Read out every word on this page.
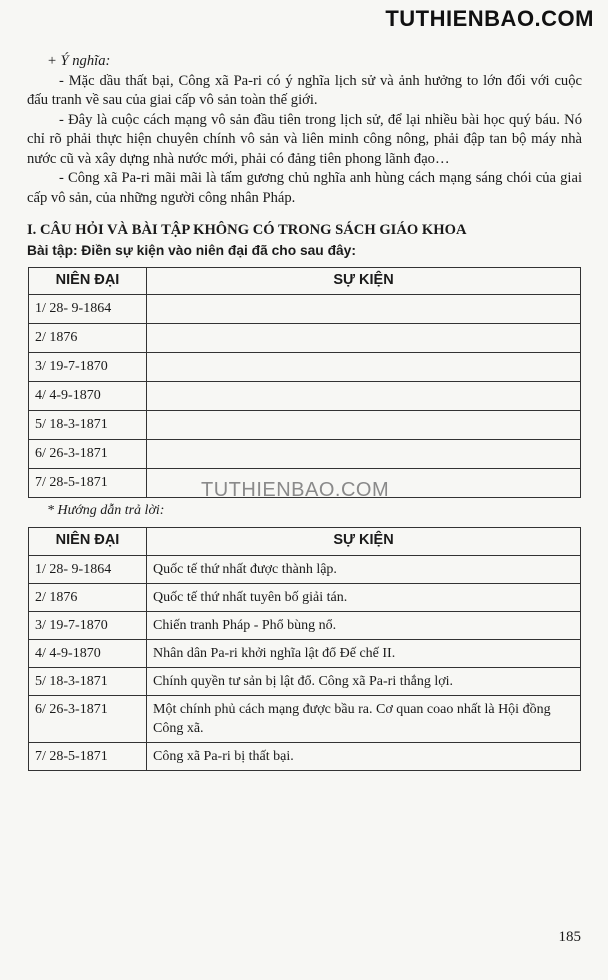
TUTHIENBAO.COM

+ Ý nghĩa:

- Mặc dầu thất bại, Công xã Pa-ri có ý nghĩa lịch sử và ảnh hưởng to lớn đối với cuộc đấu tranh về sau của giai cấp vô sản toàn thế giới.

- Đây là cuộc cách mạng vô sản đầu tiên trong lịch sử, để lại nhiều bài học quý báu. Nó chỉ rõ phải thực hiện chuyên chính vô sản và liên minh công nông, phải đập tan bộ máy nhà nước cũ và xây dựng nhà nước mới, phải có đảng tiên phong lãnh đạo…

- Công xã Pa-ri mãi mãi là tấm gương chủ nghĩa anh hùng cách mạng sáng chói của giai cấp vô sản, của những người công nhân Pháp.

I. CÂU HỎI VÀ BÀI TẬP KHÔNG CÓ TRONG SÁCH GIÁO KHOA

Bài tập: Điền sự kiện vào niên đại đã cho sau đây:

NIÊN ĐẠI	SỰ KIỆN
1/ 28- 9-1864	
2/ 1876	
3/ 19-7-1870	
4/ 4-9-1870	
5/ 18-3-1871	
6/ 26-3-1871	
7/ 28-5-1871	

* Hướng dẫn trả lời:

NIÊN ĐẠI	SỰ KIỆN
1/ 28- 9-1864	Quốc tế thứ nhất được thành lập.
2/ 1876	Quốc tế thứ nhất tuyên bố giải tán.
3/ 19-7-1870	Chiến tranh Pháp - Phổ bùng nổ.
4/ 4-9-1870	Nhân dân Pa-ri khởi nghĩa lật đổ Đế chế II.
5/ 18-3-1871	Chính quyền tư sản bị lật đổ. Công xã Pa-ri thắng lợi.
6/ 26-3-1871	Một chính phủ cách mạng được bầu ra. Cơ quan coao nhất là Hội đồng Công xã.
7/ 28-5-1871	Công xã Pa-ri bị thất bại.
TUTHIENBAO.COM
185
